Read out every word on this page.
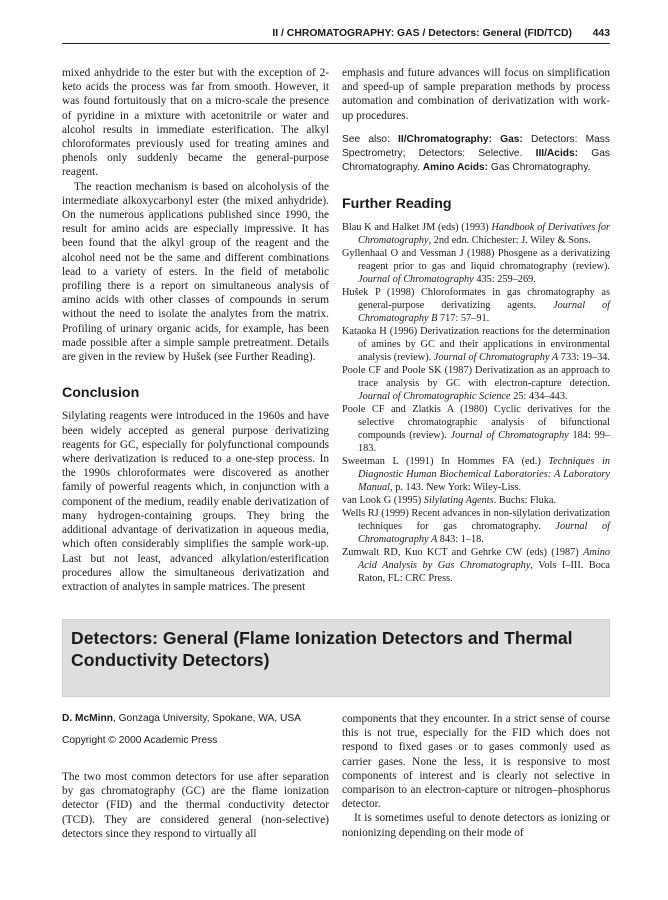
II / CHROMATOGRAPHY: GAS / Detectors: General (FID/TCD) 443

mixed anhydride to the ester but with the exception of 2-keto acids the process was far from smooth. However, it was found fortuitously that on a micro-scale the presence of pyridine in a mixture with acetonitrile or water and alcohol results in immediate esterification. The alkyl chloroformates previously used for treating amines and phenols only suddenly became the general-purpose reagent.

The reaction mechanism is based on alcoholysis of the intermediate alkoxycarbonyl ester (the mixed anhydride). On the numerous applications published since 1990, the result for amino acids are especially impressive. It has been found that the alkyl group of the reagent and the alcohol need not be the same and different combinations lead to a variety of esters. In the field of metabolic profiling there is a report on simultaneous analysis of amino acids with other classes of compounds in serum without the need to isolate the analytes from the matrix. Profiling of urinary organic acids, for example, has been made possible after a simple sample pretreatment. Details are given in the review by Hušek (see Further Reading).

Conclusion

Silylating reagents were introduced in the 1960s and have been widely accepted as general purpose derivatizing reagents for GC, especially for polyfunctional compounds where derivatization is reduced to a one-step process. In the 1990s chloroformates were discovered as another family of powerful reagents which, in conjunction with a component of the medium, readily enable derivatization of many hydrogen-containing groups. They bring the additional advantage of derivatization in aqueous media, which often considerably simplifies the sample work-up. Last but not least, advanced alkylation/esterification procedures allow the simultaneous derivatization and extraction of analytes in sample matrices. The present

emphasis and future advances will focus on simplification and speed-up of sample preparation methods by process automation and combination of derivatization with work-up procedures.

See also: II/Chromatography: Gas: Detectors: Mass Spectrometry; Detectors: Selective. III/Acids: Gas Chromatography. Amino Acids: Gas Chromatography.
Further Reading

Blau K and Halket JM (eds) (1993) Handbook of Derivatives for Chromatography, 2nd edn. Chichester: J. Wiley & Sons.

Gyllenhaal O and Vessman J (1988) Phosgene as a derivatizing reagent prior to gas and liquid chromatography (review). Journal of Chromatography 435: 259–269.

Hušek P (1998) Chloroformates in gas chromatography as general-purpose derivatizing agents. Journal of Chromatography B 717: 57–91.

Kataoka H (1996) Derivatization reactions for the determination of amines by GC and their applications in environmental analysis (review). Journal of Chromatography A 733: 19–34.

Poole CF and Poole SK (1987) Derivatization as an approach to trace analysis by GC with electron-capture detection. Journal of Chromatographic Science 25: 434–443.

Poole CF and Zlatkis A (1980) Cyclic derivatives for the selective chromatographic analysis of bifunctional compounds (review). Journal of Chromatography 184: 99–183.

Sweetman L (1991) In Hommes FA (ed.) Techniques in Diagnostic Human Biochemical Laboratories: A Laboratory Manual, p. 143. New York: Wiley-Liss.

van Look G (1995) Silylating Agents. Buchs: Fluka.

Wells RJ (1999) Recent advances in non-silylation derivatization techniques for gas chromatography. Journal of Chromatography A 843: 1–18.

Zumwalt RD, Kuo KCT and Gehrke CW (eds) (1987) Amino Acid Analysis by Gas Chromatography, Vols I–III. Boca Raton, FL: CRC Press.

Detectors: General (Flame Ionization Detectors and Thermal Conductivity Detectors)
D. McMinn, Gonzaga University, Spokane, WA, USA
Copyright © 2000 Academic Press

The two most common detectors for use after separation by gas chromatography (GC) are the flame ionization detector (FID) and the thermal conductivity detector (TCD). They are considered general (non-selective) detectors since they respond to virtually all

components that they encounter. In a strict sense of course this is not true, especially for the FID which does not respond to fixed gases or to gases commonly used as carrier gases. None the less, it is responsive to most components of interest and is clearly not selective in comparison to an electron-capture or nitrogen–phosphorus detector.

It is sometimes useful to denote detectors as ionizing or nonionizing depending on their mode of
